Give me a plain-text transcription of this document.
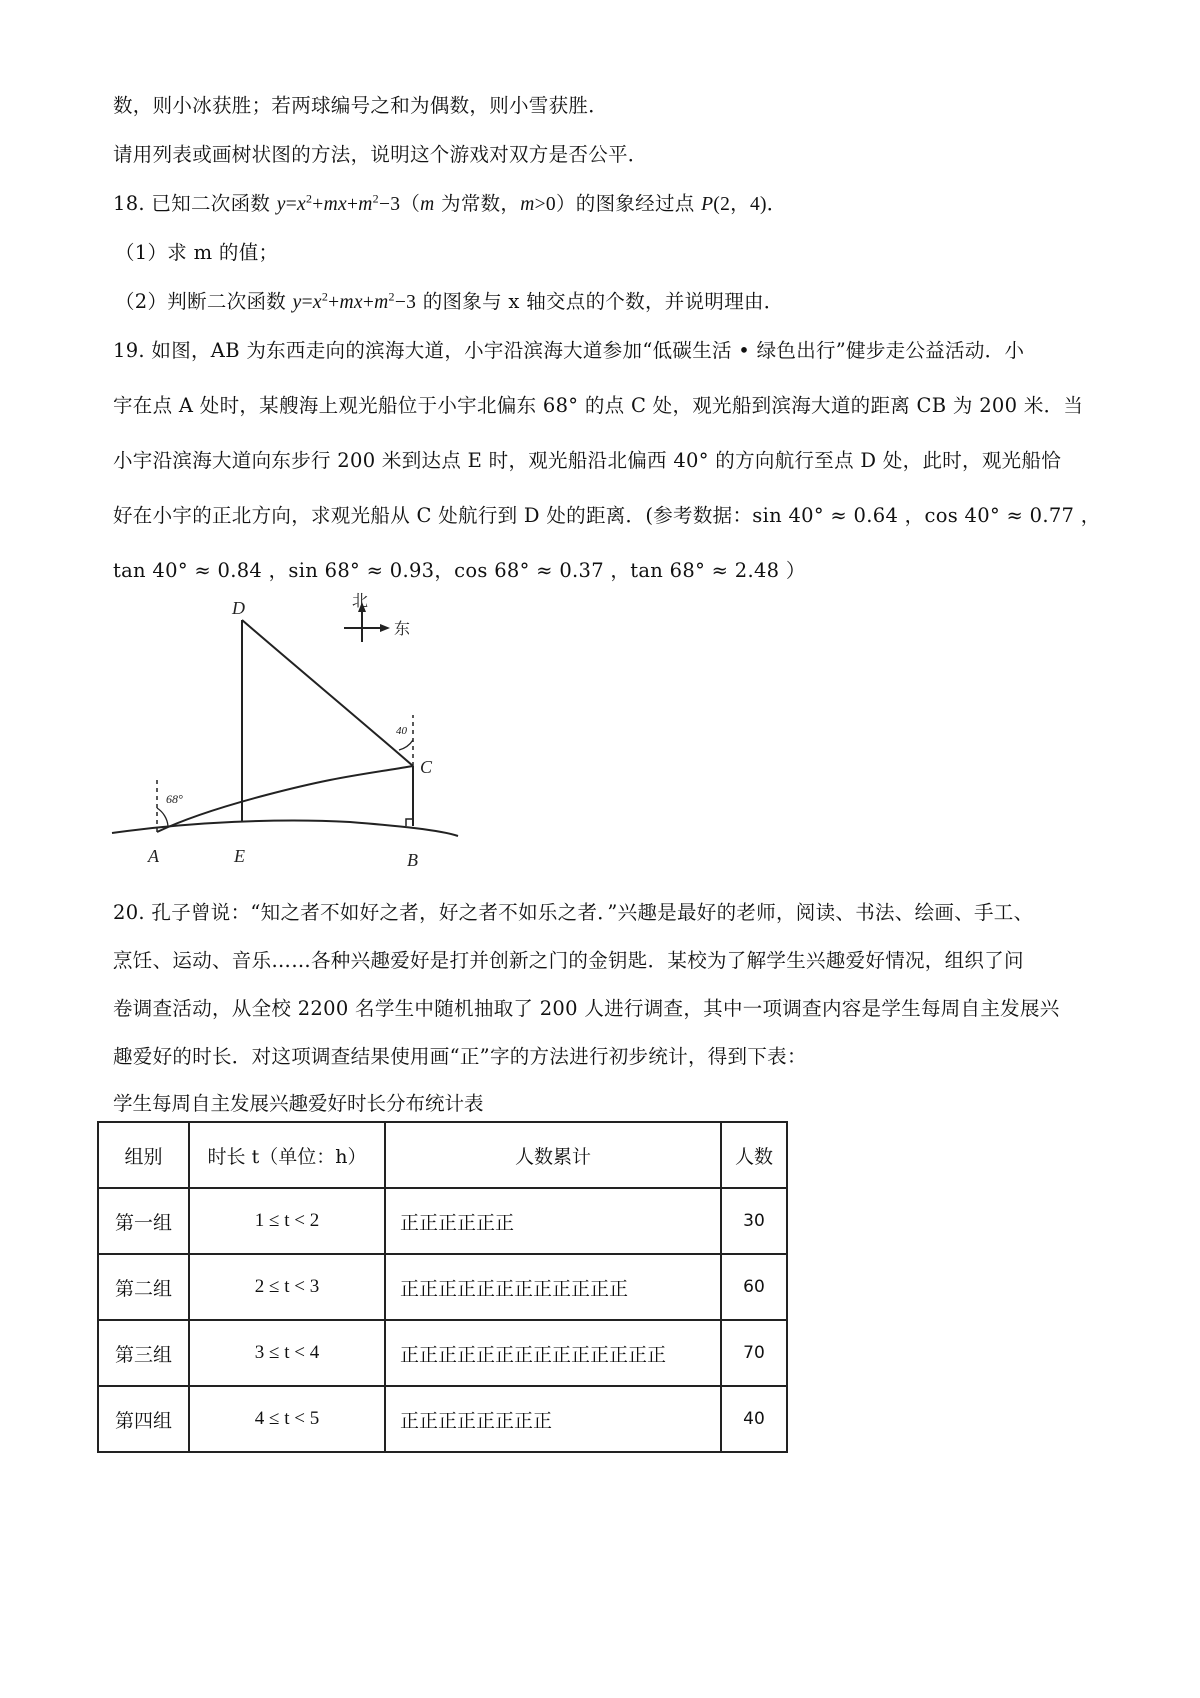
数，则小冰获胜；若两球编号之和为偶数，则小雪获胜．
请用列表或画树状图的方法，说明这个游戏对双方是否公平．
18. 已知二次函数 $y=x^2+mx+m^2-3(m$ 为常数，m>0）的图象经过点 P(2，4)．
（1）求 m 的值；
（2）判断二次函数 $y=x^2+mx+m^2-3$ 的图象与 x 轴交点的个数，并说明理由．
19. 如图，AB 为东西走向的滨海大道，小宇沿滨海大道参加“低碳生活 • 绿色出行”健步走公益活动．小
宇在点 A 处时，某艘海上观光船位于小宇北偏东 68° 的点 C 处，观光船到滨海大道的距离 CB 为 200 米．当
小宇沿滨海大道向东步行 200 米到达点 E 时，观光船沿北偏西 40° 的方向航行至点 D 处，此时，观光船恰
好在小宇的正北方向，求观光船从 C 处航行到 D 处的距离．(参考数据：sin 40° ≈ 0.64 ，cos 40° ≈ 0.77 ，
tan 40° ≈ 0.84 ，sin 68° ≈ 0.93，cos 68° ≈ 0.37 ，tan 68° ≈ 2.48 ）
北
东
D
C
A	E	B
68°
40
20. 孔子曾说：“知之者不如好之者，好之者不如乐之者．”兴趣是最好的老师，阅读、书法、绘画、手工、
烹饪、运动、音乐……各种兴趣爱好是打并创新之门的金钥匙．某校为了解学生兴趣爱好情况，组织了问
卷调查活动，从全校 2200 名学生中随机抽取了 200 人进行调查，其中一项调查内容是学生每周自主发展兴
趣爱好的时长．对这项调查结果使用画“正”字的方法进行初步统计，得到下表：
学生每周自主发展兴趣爱好时长分布统计表
组别	时长 t（单位：h）	人数累计	人数
第一组	1 ≤ t < 2	正正正正正正	30
第二组	2 ≤ t < 3	正正正正正正正正正正正正	60
第三组	3 ≤ t < 4	正正正正正正正正正正正正正正	70
第四组	4 ≤ t < 5	正正正正正正正正	40
